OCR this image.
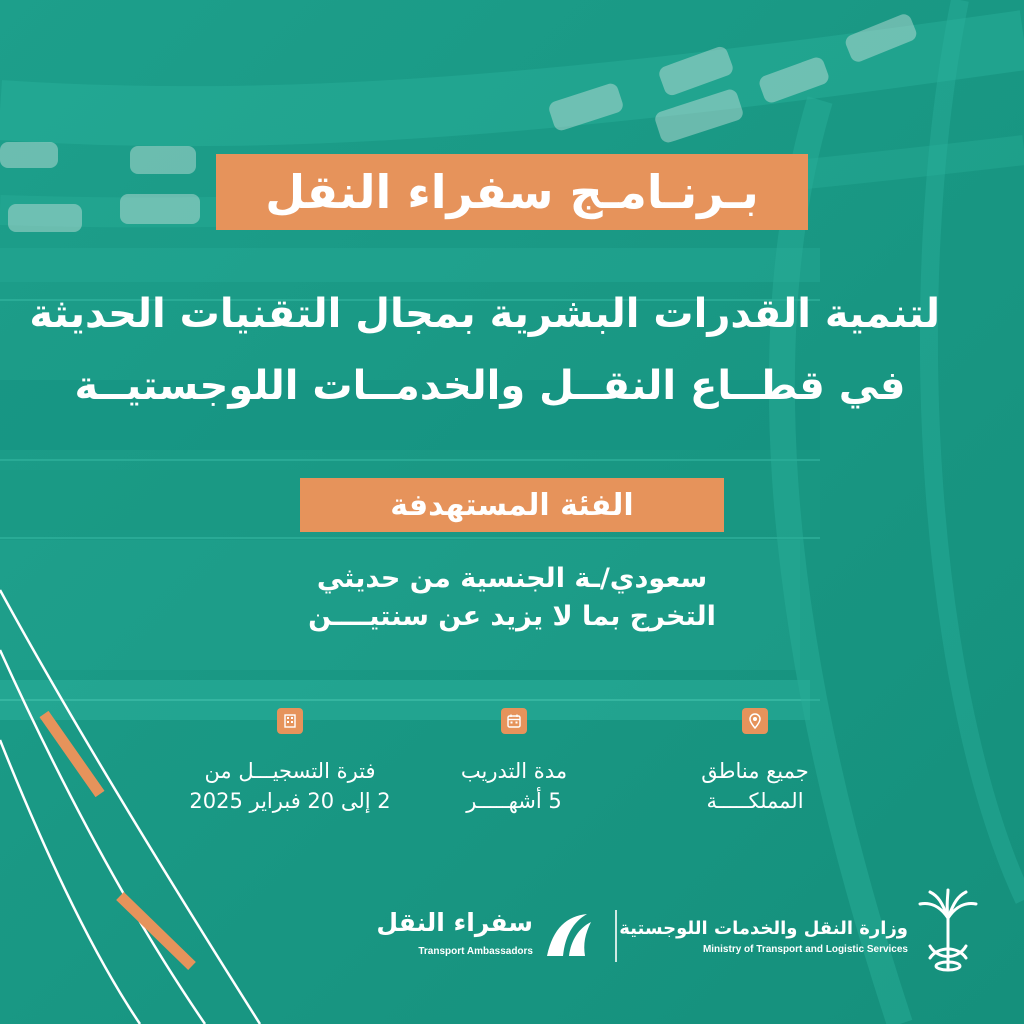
بـرنـامـج سفراء النقل
لتنمية القدرات البشرية بمجال التقنيات الحديثة
في قطــاع النقــل والخدمــات اللوجستيــة
الفئة المستهدفة
سعودي/ـة الجنسية من حديثي
التخرج بما لا يزيد عن سنتيــــن
جميع مناطق
المملكـــــة
مدة التدريب
5 أشهـــــر
فترة التسجيـــل من
2 إلى 20 فبراير 2025
سفراء النقل
Transport Ambassadors
وزارة النقل والخدمات اللوجستية
Ministry of Transport and Logistic Services
